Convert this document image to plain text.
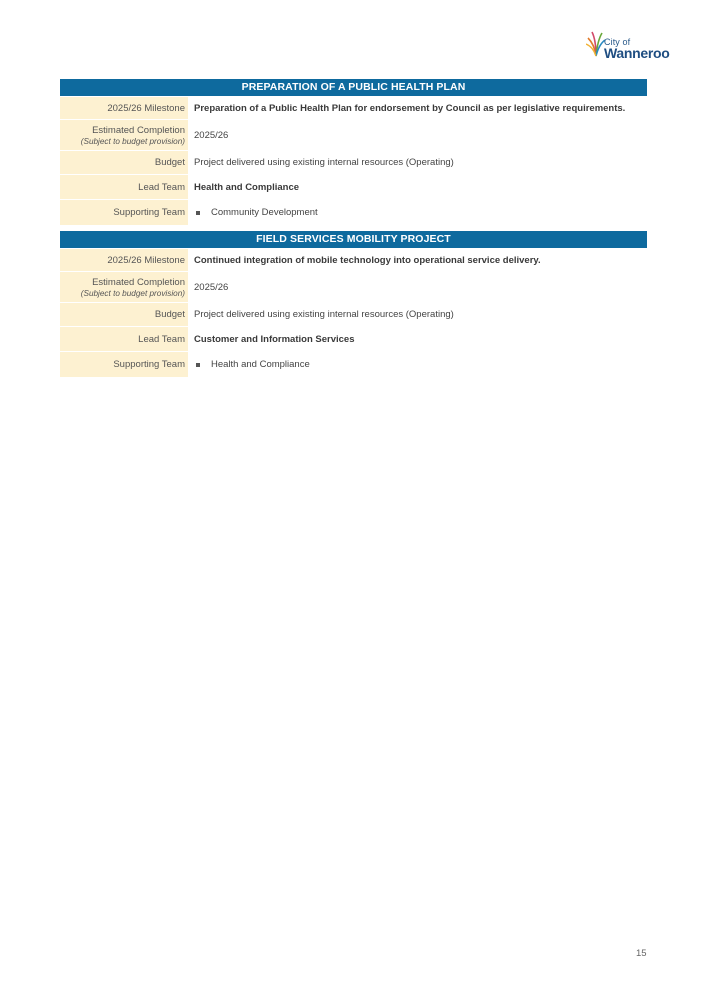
City of
Wanneroo
PREPARATION OF A PUBLIC HEALTH PLAN
2025/26 Milestone Preparation of a Public Health Plan for endorsement by Council as per legislative requirements.
Estimated Completion
(Subject to budget provision)
2025/26
Budget Project delivered using existing internal resources (Operating)
Lead Team Health and Compliance
Supporting Team	Community Development
FIELD SERVICES MOBILITY PROJECT
2025/26 Milestone Continued integration of mobile technology into operational service delivery.
Estimated Completion
(Subject to budget provision)
2025/26
Budget Project delivered using existing internal resources (Operating)
Lead Team Customer and Information Services
Supporting Team	Health and Compliance
15
